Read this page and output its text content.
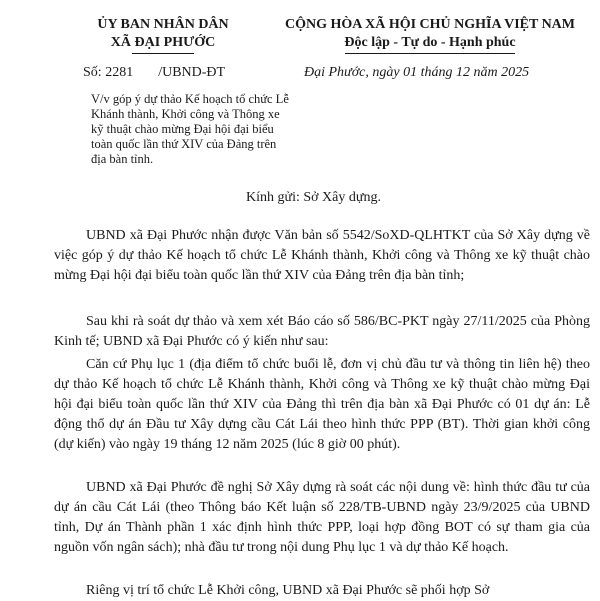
ỦY BAN NHÂN DÂN
XÃ ĐẠI PHƯỚC
CỘNG HÒA XÃ HỘI CHỦ NGHĨA VIỆT NAM
Độc lập - Tự do - Hạnh phúc
Số: 2281 /UBND-ĐT	Đại Phước, ngày 01 tháng 12 năm 2025
V/v góp ý dự thảo Kế hoạch tổ chức Lễ Khánh thành, Khởi công và Thông xe kỹ thuật chào mừng Đại hội đại biểu toàn quốc lần thứ XIV của Đảng trên địa bàn tỉnh.
Kính gửi: Sở Xây dựng.

UBND xã Đại Phước nhận được Văn bản số 5542/SoXD-QLHTKT của Sở Xây dựng về việc góp ý dự thảo Kế hoạch tổ chức Lễ Khánh thành, Khởi công và Thông xe kỹ thuật chào mừng Đại hội đại biểu toàn quốc lần thứ XIV của Đảng trên địa bàn tỉnh;

Sau khi rà soát dự thảo và xem xét Báo cáo số 586/BC-PKT ngày 27/11/2025 của Phòng Kinh tế; UBND xã Đại Phước có ý kiến như sau:

Căn cứ Phụ lục 1 (địa điểm tổ chức buổi lễ, đơn vị chủ đầu tư và thông tin liên hệ) theo dự thảo Kế hoạch tổ chức Lễ Khánh thành, Khởi công và Thông xe kỹ thuật chào mừng Đại hội đại biểu toàn quốc lần thứ XIV của Đảng thì trên địa bàn xã Đại Phước có 01 dự án: Lễ động thổ dự án Đầu tư Xây dựng cầu Cát Lái theo hình thức PPP (BT). Thời gian khởi công (dự kiến) vào ngày 19 tháng 12 năm 2025 (lúc 8 giờ 00 phút).

UBND xã Đại Phước đề nghị Sở Xây dựng rà soát các nội dung về: hình thức đầu tư của dự án cầu Cát Lái (theo Thông báo Kết luận số 228/TB-UBND ngày 23/9/2025 của UBND tỉnh, Dự án Thành phần 1 xác định hình thức PPP, loại hợp đồng BOT có sự tham gia của nguồn vốn ngân sách); nhà đầu tư trong nội dung Phụ lục 1 và dự thảo Kế hoạch.

Riêng vị trí tổ chức Lễ Khởi công, UBND xã Đại Phước sẽ phối hợp Sở
